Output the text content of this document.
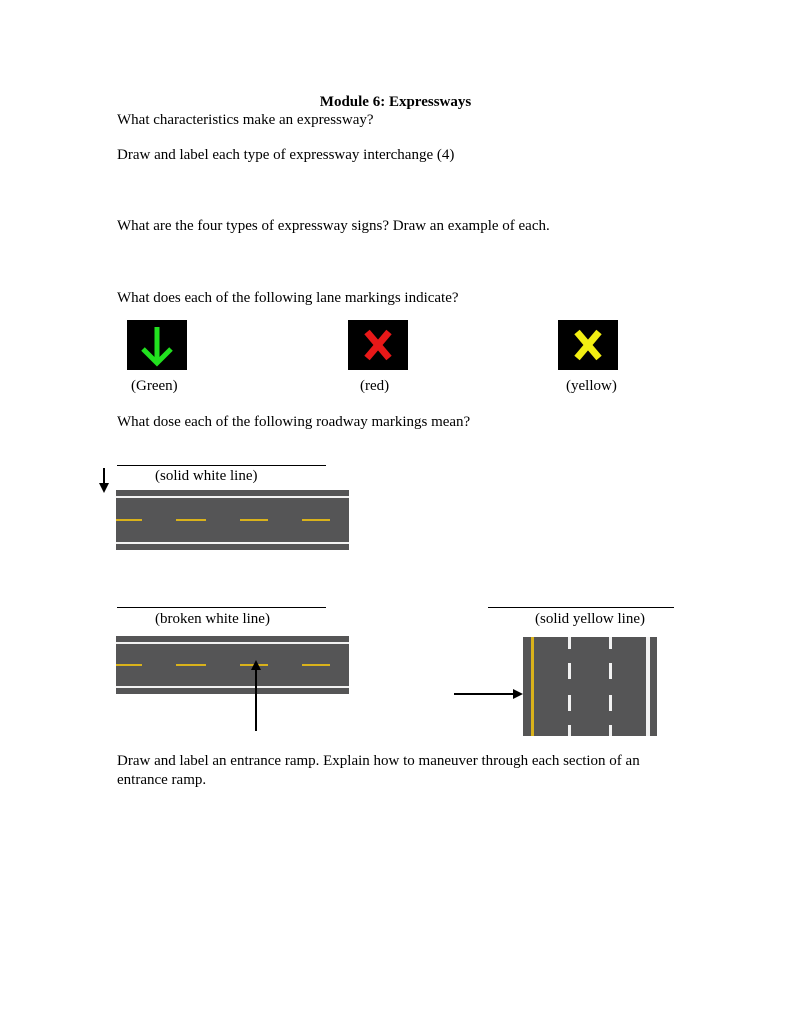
Module 6: Expressways
What characteristics make an expressway?
Draw and label each type of expressway interchange (4)
What are the four types of expressway signs? Draw an example of each.
What does each of the following lane markings indicate?
(Green)	(red)	(yellow)
What dose each of the following roadway markings mean?
(solid white line)
(broken white line)	(solid yellow line)
Draw and label an entrance ramp. Explain how to maneuver through each section of an
entrance ramp.
